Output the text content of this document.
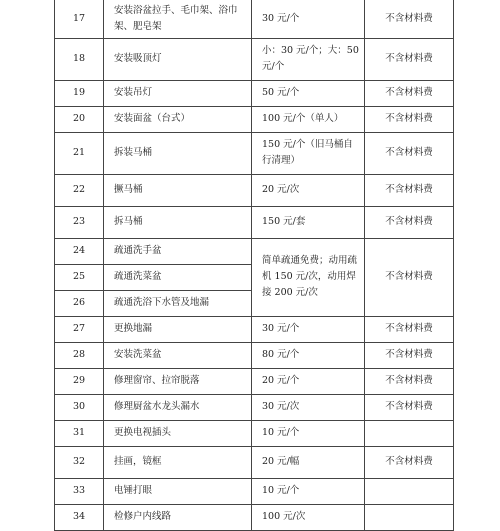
17	安装浴盆拉手、毛巾架、浴巾架、肥皂架	30 元/个	不含材料费
18	安装吸顶灯	小：30 元/个；大：50 元/个	不含材料费
19	安装吊灯	50 元/个	不含材料费
20	安装面盆（台式）	100 元/个（单人）	不含材料费
21	拆装马桶	150 元/个（旧马桶自行清理）	不含材料费
22	撅马桶	20 元/次	不含材料费
23	拆马桶	150 元/套	不含材料费
24	疏通洗手盆	简单疏通免费；动用疏机 150 元/次，动用焊接 200 元/次	不含材料费
25	疏通洗菜盆		
26	疏通洗浴下水管及地漏		
27	更换地漏	30 元/个	不含材料费
28	安装洗菜盆	80 元/个	不含材料费
29	修理窗帘、拉帘脱落	20 元/个	不含材料费
30	修理厨盆水龙头漏水	30 元/次	不含材料费
31	更换电视插头	10 元/个	
32	挂画，镜框	20 元/幅	不含材料费
33	电锤打眼	10 元/个	
34	检修户内线路	100 元/次	
